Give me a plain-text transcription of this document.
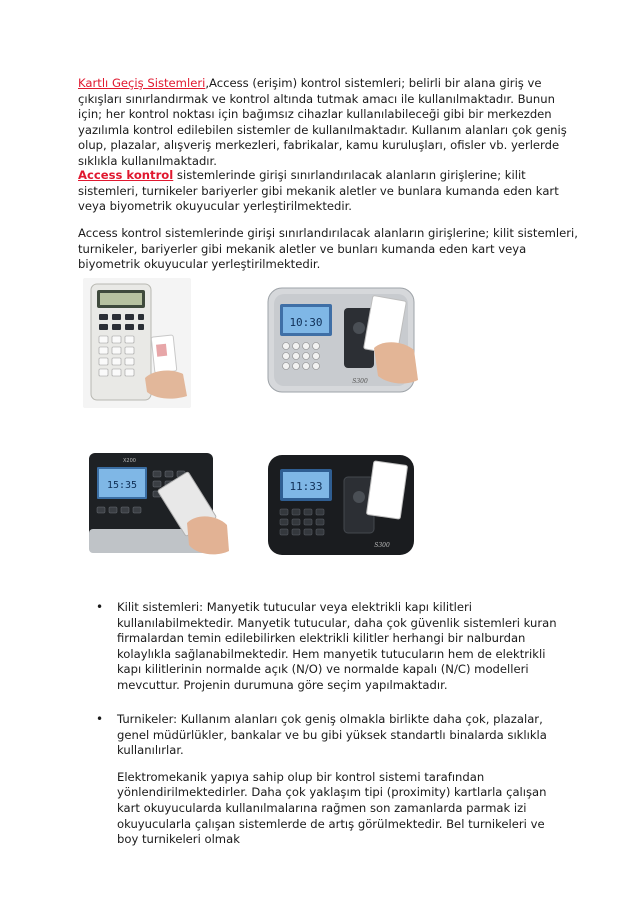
Kartlı Geçiş Sistemleri,Access (erişim) kontrol sistemleri; belirli bir alana giriş ve çıkışları sınırlandırmak ve kontrol altında tutmak amacı ile kullanılmaktadır. Bunun için; her kontrol noktası için bağımsız cihazlar kullanılabileceği gibi bir merkezden yazılımla kontrol edilebilen sistemler de kullanılmaktadır. Kullanım alanları çok geniş olup, plazalar, alışveriş merkezleri, fabrikalar, kamu kuruluşları, ofisler vb. yerlerde sıklıkla kullanılmaktadır.

Access kontrol sistemlerinde girişi sınırlandırılacak alanların girişlerine; kilit sistemleri, turnikeler bariyerler gibi mekanik aletler ve bunlara kumanda eden kart veya biyometrik okuyucular yerleştirilmektedir.

Access kontrol sistemlerinde girişi sınırlandırılacak alanların girişlerine; kilit sistemleri, turnikeler, bariyerler gibi mekanik aletler ve bunları kumanda eden kart veya biyometrik okuyucular yerleştirilmektedir.

10:30
S300
X200
15:35	11:33
S300
• Kilit sistemleri: Manyetik tutucular veya elektrikli kapı kilitleri kullanılabilmektedir. Manyetik tutucular, daha çok güvenlik sistemleri kuran firmalardan temin edilebilirken elektrikli kilitler herhangi bir nalburdan kolaylıkla sağlanabilmektedir. Hem manyetik tutucuların hem de elektrikli kapı kilitlerinin normalde açık (N/O) ve normalde kapalı (N/C) modelleri mevcuttur. Projenin durumuna göre seçim yapılmaktadır.
• Turnikeler: Kullanım alanları çok geniş olmakla birlikte daha çok, plazalar, genel müdürlükler, bankalar ve bu gibi yüksek standartlı binalarda sıklıkla kullanılırlar.

Elektromekanik yapıya sahip olup bir kontrol sistemi tarafından yönlendirilmektedirler. Daha çok yaklaşım tipi (proximity) kartlarla çalışan kart okuyucularda kullanılmalarına rağmen son zamanlarda parmak izi okuyucularla çalışan sistemlerde de artış görülmektedir. Bel turnikeleri ve boy turnikeleri olmak
